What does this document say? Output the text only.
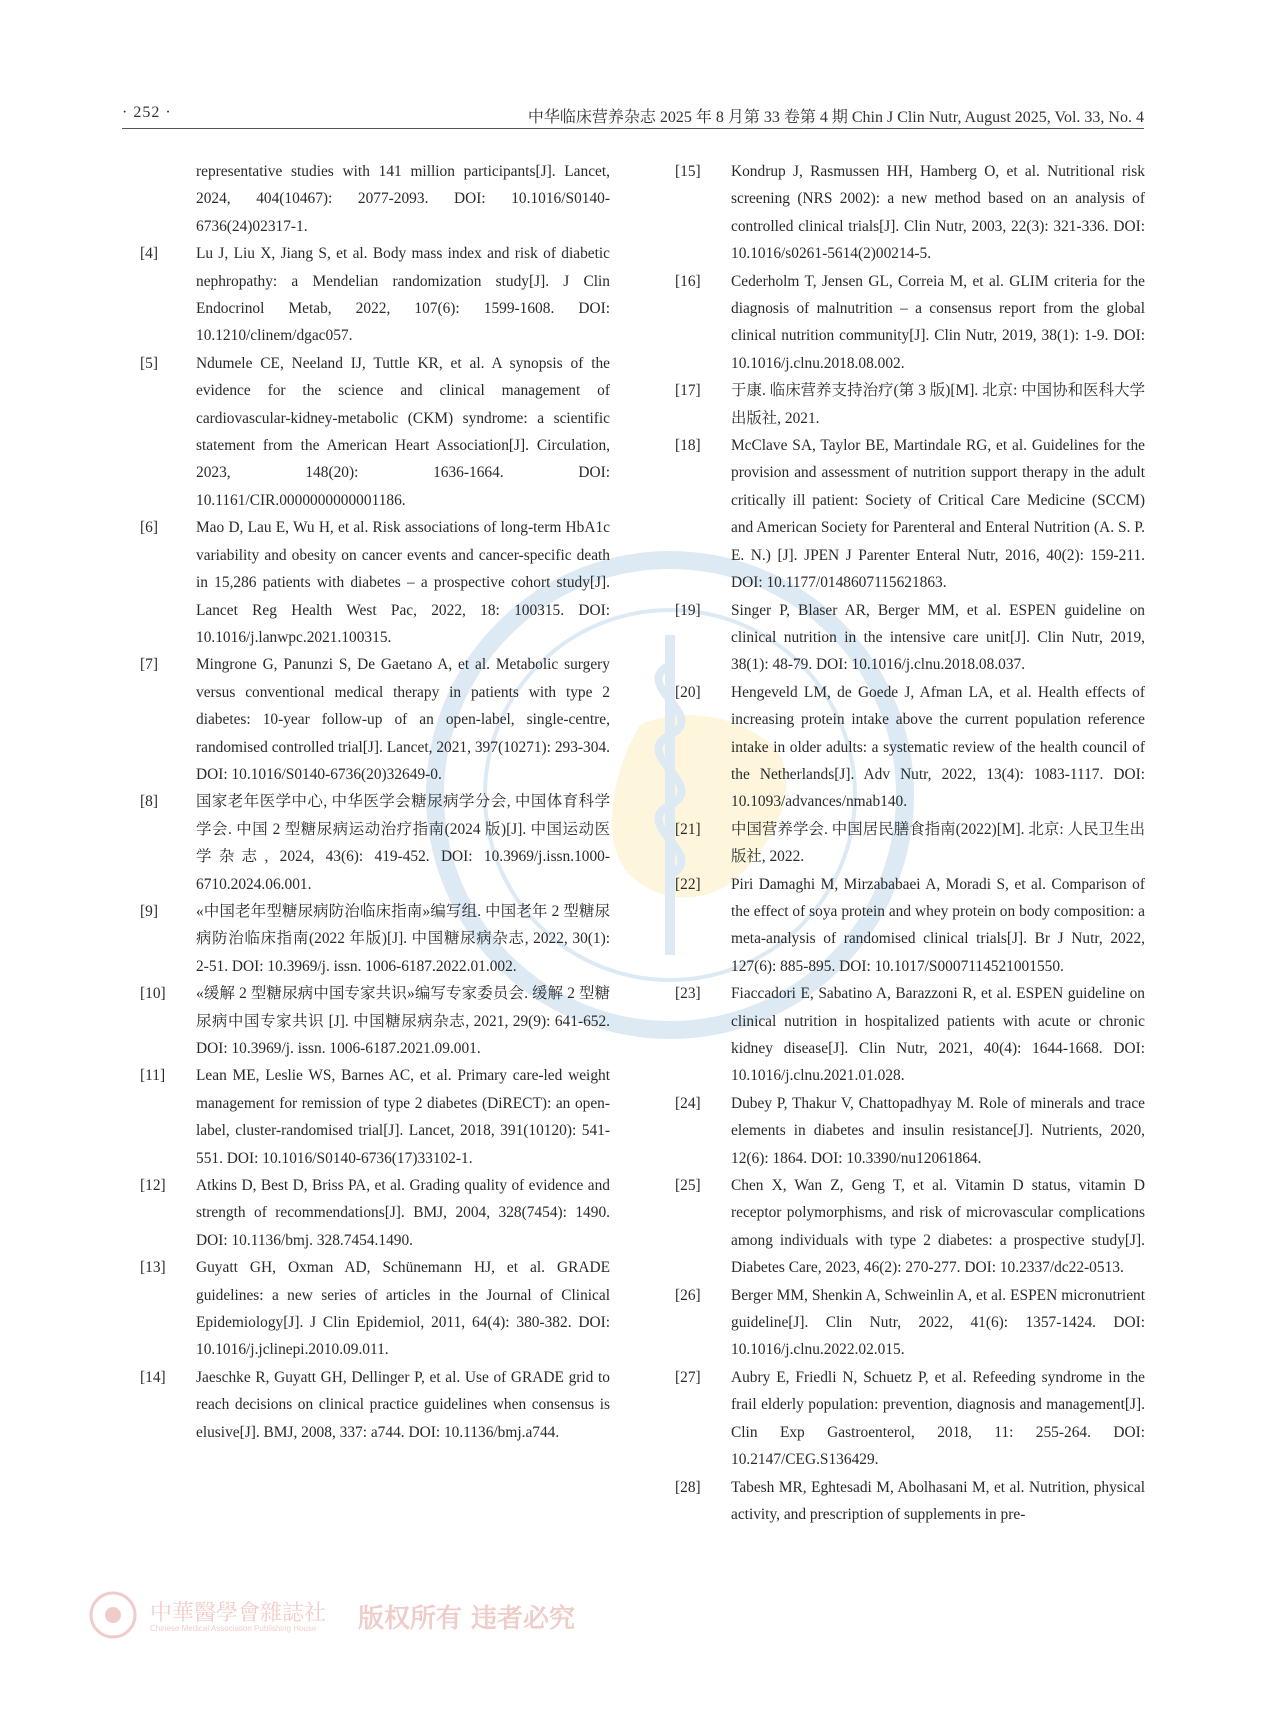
· 252 ·	中华临床营养杂志 2025 年 8 月第 33 卷第 4 期 Chin J Clin Nutr, August 2025, Vol. 33, No. 4
representative studies with 141 million participants[J]. Lancet, 2024, 404(10467): 2077-2093. DOI: 10.1016/S0140-6736(24)02317-1.
[4]	Lu J, Liu X, Jiang S, et al. Body mass index and risk of diabetic nephropathy: a Mendelian randomization study[J]. J Clin Endocrinol Metab, 2022, 107(6): 1599-1608. DOI: 10.1210/clinem/dgac057.
[5]	Ndumele CE, Neeland IJ, Tuttle KR, et al. A synopsis of the evidence for the science and clinical management of cardiovascular-kidney-metabolic (CKM) syndrome: a scientific statement from the American Heart Association[J]. Circulation, 2023, 148(20): 1636-1664. DOI: 10.1161/CIR.0000000000001186.
[6]	Mao D, Lau E, Wu H, et al. Risk associations of long-term HbA1c variability and obesity on cancer events and cancer-specific death in 15,286 patients with diabetes – a prospective cohort study[J]. Lancet Reg Health West Pac, 2022, 18: 100315. DOI: 10.1016/j.lanwpc.2021.100315.
[7]	Mingrone G, Panunzi S, De Gaetano A, et al. Metabolic surgery versus conventional medical therapy in patients with type 2 diabetes: 10-year follow-up of an open-label, single-centre, randomised controlled trial[J]. Lancet, 2021, 397(10271): 293-304. DOI: 10.1016/S0140-6736(20)32649-0.
[8]	国家老年医学中心, 中华医学会糖尿病学分会, 中国体育科学学会. 中国 2 型糖尿病运动治疗指南(2024 版)[J]. 中国运动医学杂志, 2024, 43(6): 419-452. DOI: 10.3969/j.issn.1000-6710.2024.06.001.
[9]	«中国老年型糖尿病防治临床指南»编写组. 中国老年 2 型糖尿病防治临床指南(2022 年版)[J]. 中国糖尿病杂志, 2022, 30(1): 2-51. DOI: 10.3969/j. issn. 1006-6187.2022.01.002.
[10]	«缓解 2 型糖尿病中国专家共识»编写专家委员会. 缓解 2 型糖尿病中国专家共识 [J]. 中国糖尿病杂志, 2021, 29(9): 641-652. DOI: 10.3969/j. issn. 1006-6187.2021.09.001.
[11]	Lean ME, Leslie WS, Barnes AC, et al. Primary care-led weight management for remission of type 2 diabetes (DiRECT): an open-label, cluster-randomised trial[J]. Lancet, 2018, 391(10120): 541-551. DOI: 10.1016/S0140-6736(17)33102-1.
[12]	Atkins D, Best D, Briss PA, et al. Grading quality of evidence and strength of recommendations[J]. BMJ, 2004, 328(7454): 1490. DOI: 10.1136/bmj. 328.7454.1490.
[13]	Guyatt GH, Oxman AD, Schünemann HJ, et al. GRADE guidelines: a new series of articles in the Journal of Clinical Epidemiology[J]. J Clin Epidemiol, 2011, 64(4): 380-382. DOI: 10.1016/j.jclinepi.2010.09.011.
[14]	Jaeschke R, Guyatt GH, Dellinger P, et al. Use of GRADE grid to reach decisions on clinical practice guidelines when consensus is elusive[J]. BMJ, 2008, 337: a744. DOI: 10.1136/bmj.a744.
[15]	Kondrup J, Rasmussen HH, Hamberg O, et al. Nutritional risk screening (NRS 2002): a new method based on an analysis of controlled clinical trials[J]. Clin Nutr, 2003, 22(3): 321-336. DOI: 10.1016/s0261-5614(2)00214-5.
[16]	Cederholm T, Jensen GL, Correia M, et al. GLIM criteria for the diagnosis of malnutrition – a consensus report from the global clinical nutrition community[J]. Clin Nutr, 2019, 38(1): 1-9. DOI: 10.1016/j.clnu.2018.08.002.
[17]	于康. 临床营养支持治疗(第 3 版)[M]. 北京: 中国协和医科大学出版社, 2021.
[18]	McClave SA, Taylor BE, Martindale RG, et al. Guidelines for the provision and assessment of nutrition support therapy in the adult critically ill patient: Society of Critical Care Medicine (SCCM) and American Society for Parenteral and Enteral Nutrition (A. S. P. E. N.) [J]. JPEN J Parenter Enteral Nutr, 2016, 40(2): 159-211. DOI: 10.1177/0148607115621863.
[19]	Singer P, Blaser AR, Berger MM, et al. ESPEN guideline on clinical nutrition in the intensive care unit[J]. Clin Nutr, 2019, 38(1): 48-79. DOI: 10.1016/j.clnu.2018.08.037.
[20]	Hengeveld LM, de Goede J, Afman LA, et al. Health effects of increasing protein intake above the current population reference intake in older adults: a systematic review of the health council of the Netherlands[J]. Adv Nutr, 2022, 13(4): 1083-1117. DOI: 10.1093/advances/nmab140.
[21]	中国营养学会. 中国居民膳食指南(2022)[M]. 北京: 人民卫生出版社, 2022.
[22]	Piri Damaghi M, Mirzababaei A, Moradi S, et al. Comparison of the effect of soya protein and whey protein on body composition: a meta-analysis of randomised clinical trials[J]. Br J Nutr, 2022, 127(6): 885-895. DOI: 10.1017/S0007114521001550.
[23]	Fiaccadori E, Sabatino A, Barazzoni R, et al. ESPEN guideline on clinical nutrition in hospitalized patients with acute or chronic kidney disease[J]. Clin Nutr, 2021, 40(4): 1644-1668. DOI: 10.1016/j.clnu.2021.01.028.
[24]	Dubey P, Thakur V, Chattopadhyay M. Role of minerals and trace elements in diabetes and insulin resistance[J]. Nutrients, 2020, 12(6): 1864. DOI: 10.3390/nu12061864.
[25]	Chen X, Wan Z, Geng T, et al. Vitamin D status, vitamin D receptor polymorphisms, and risk of microvascular complications among individuals with type 2 diabetes: a prospective study[J]. Diabetes Care, 2023, 46(2): 270-277. DOI: 10.2337/dc22-0513.
[26]	Berger MM, Shenkin A, Schweinlin A, et al. ESPEN micronutrient guideline[J]. Clin Nutr, 2022, 41(6): 1357-1424. DOI: 10.1016/j.clnu.2022.02.015.
[27]	Aubry E, Friedli N, Schuetz P, et al. Refeeding syndrome in the frail elderly population: prevention, diagnosis and management[J]. Clin Exp Gastroenterol, 2018, 11: 255-264. DOI: 10.2147/CEG.S136429.
[28]	Tabesh MR, Eghtesadi M, Abolhasani M, et al. Nutrition, physical activity, and prescription of supplements in pre-
中華醫學會雜誌社
Chinese Medical Association Publishing House 版权所有 违者必究
